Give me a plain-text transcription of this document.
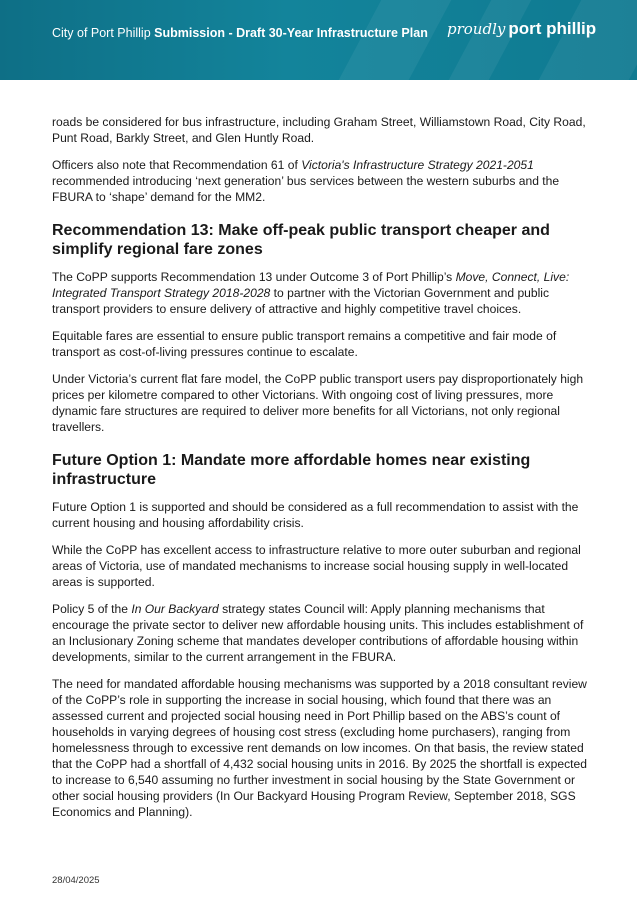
City of Port Phillip Submission - Draft 30-Year Infrastructure Plan proudly port phillip

roads be considered for bus infrastructure, including Graham Street, Williamstown Road, City Road, Punt Road, Barkly Street, and Glen Huntly Road.

Officers also note that Recommendation 61 of Victoria's Infrastructure Strategy 2021-2051 recommended introducing ‘next generation’ bus services between the western suburbs and the FBURA to ‘shape’ demand for the MM2.

Recommendation 13: Make off-peak public transport cheaper and simplify regional fare zones

The CoPP supports Recommendation 13 under Outcome 3 of Port Phillip’s Move, Connect, Live: Integrated Transport Strategy 2018-2028 to partner with the Victorian Government and public transport providers to ensure delivery of attractive and highly competitive travel choices.

Equitable fares are essential to ensure public transport remains a competitive and fair mode of transport as cost-of-living pressures continue to escalate.

Under Victoria’s current flat fare model, the CoPP public transport users pay disproportionately high prices per kilometre compared to other Victorians. With ongoing cost of living pressures, more dynamic fare structures are required to deliver more benefits for all Victorians, not only regional travellers.

Future Option 1: Mandate more affordable homes near existing infrastructure

Future Option 1 is supported and should be considered as a full recommendation to assist with the current housing and housing affordability crisis.

While the CoPP has excellent access to infrastructure relative to more outer suburban and regional areas of Victoria, use of mandated mechanisms to increase social housing supply in well-located areas is supported.

Policy 5 of the In Our Backyard strategy states Council will: Apply planning mechanisms that encourage the private sector to deliver new affordable housing units. This includes establishment of an Inclusionary Zoning scheme that mandates developer contributions of affordable housing within developments, similar to the current arrangement in the FBURA.

The need for mandated affordable housing mechanisms was supported by a 2018 consultant review of the CoPP’s role in supporting the increase in social housing, which found that there was an assessed current and projected social housing need in Port Phillip based on the ABS’s count of households in varying degrees of housing cost stress (excluding home purchasers), ranging from homelessness through to excessive rent demands on low incomes. On that basis, the review stated that the CoPP had a shortfall of 4,432 social housing units in 2016. By 2025 the shortfall is expected to increase to 6,540 assuming no further investment in social housing by the State Government or other social housing providers (In Our Backyard Housing Program Review, September 2018, SGS Economics and Planning).

28/04/2025
